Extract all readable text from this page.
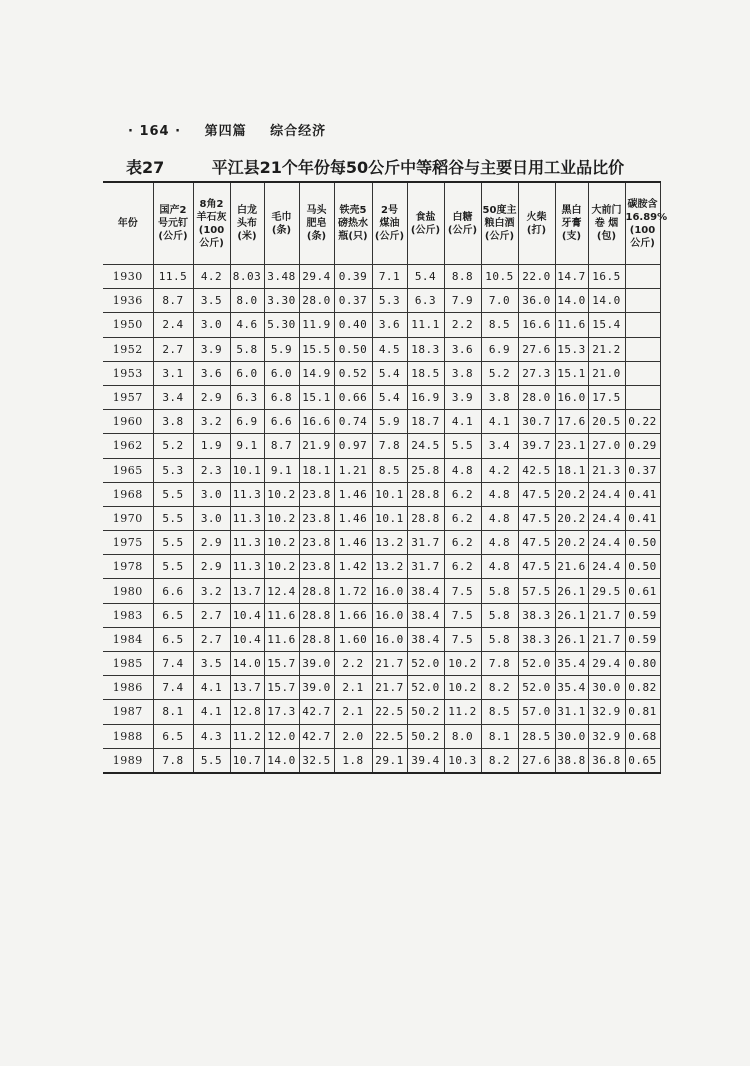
· 164 · 第四篇 综合经济
表27	平江县21个年份每50公斤中等稻谷与主要日用工业品比价
年份	国产2
号元钉
(公斤)	8角2
羊石灰
(100
公斤)	白龙
头布
(米)	毛巾
(条)	马头
肥皂
(条)	铁壳5
磅热水
瓶(只)	2号
煤油
(公斤)	食盐
(公斤)	白糖
(公斤)	50度主
粮白酒
(公斤)	火柴
(打)	黑白
牙膏
(支)	大前门
卷 烟
(包)	碳胺含
16.89%
(100
公斤)

1930	11.5	4.2	8.03	3.48	29.4	0.39	7.1	5.4	8.8	10.5	22.0	14.7	16.5	
1936	8.7	3.5	8.0	3.30	28.0	0.37	5.3	6.3	7.9	7.0	36.0	14.0	14.0	
1950	2.4	3.0	4.6	5.30	11.9	0.40	3.6	11.1	2.2	8.5	16.6	11.6	15.4	
1952	2.7	3.9	5.8	5.9	15.5	0.50	4.5	18.3	3.6	6.9	27.6	15.3	21.2	
1953	3.1	3.6	6.0	6.0	14.9	0.52	5.4	18.5	3.8	5.2	27.3	15.1	21.0	
1957	3.4	2.9	6.3	6.8	15.1	0.66	5.4	16.9	3.9	3.8	28.0	16.0	17.5	
1960	3.8	3.2	6.9	6.6	16.6	0.74	5.9	18.7	4.1	4.1	30.7	17.6	20.5	0.22
1962	5.2	1.9	9.1	8.7	21.9	0.97	7.8	24.5	5.5	3.4	39.7	23.1	27.0	0.29
1965	5.3	2.3	10.1	9.1	18.1	1.21	8.5	25.8	4.8	4.2	42.5	18.1	21.3	0.37
1968	5.5	3.0	11.3	10.2	23.8	1.46	10.1	28.8	6.2	4.8	47.5	20.2	24.4	0.41
1970	5.5	3.0	11.3	10.2	23.8	1.46	10.1	28.8	6.2	4.8	47.5	20.2	24.4	0.41
1975	5.5	2.9	11.3	10.2	23.8	1.46	13.2	31.7	6.2	4.8	47.5	20.2	24.4	0.50
1978	5.5	2.9	11.3	10.2	23.8	1.42	13.2	31.7	6.2	4.8	47.5	21.6	24.4	0.50
1980	6.6	3.2	13.7	12.4	28.8	1.72	16.0	38.4	7.5	5.8	57.5	26.1	29.5	0.61
1983	6.5	2.7	10.4	11.6	28.8	1.66	16.0	38.4	7.5	5.8	38.3	26.1	21.7	0.59
1984	6.5	2.7	10.4	11.6	28.8	1.60	16.0	38.4	7.5	5.8	38.3	26.1	21.7	0.59
1985	7.4	3.5	14.0	15.7	39.0	2.2	21.7	52.0	10.2	7.8	52.0	35.4	29.4	0.80
1986	7.4	4.1	13.7	15.7	39.0	2.1	21.7	52.0	10.2	8.2	52.0	35.4	30.0	0.82
1987	8.1	4.1	12.8	17.3	42.7	2.1	22.5	50.2	11.2	8.5	57.0	31.1	32.9	0.81
1988	6.5	4.3	11.2	12.0	42.7	2.0	22.5	50.2	8.0	8.1	28.5	30.0	32.9	0.68
1989	7.8	5.5	10.7	14.0	32.5	1.8	29.1	39.4	10.3	8.2	27.6	38.8	36.8	0.65
